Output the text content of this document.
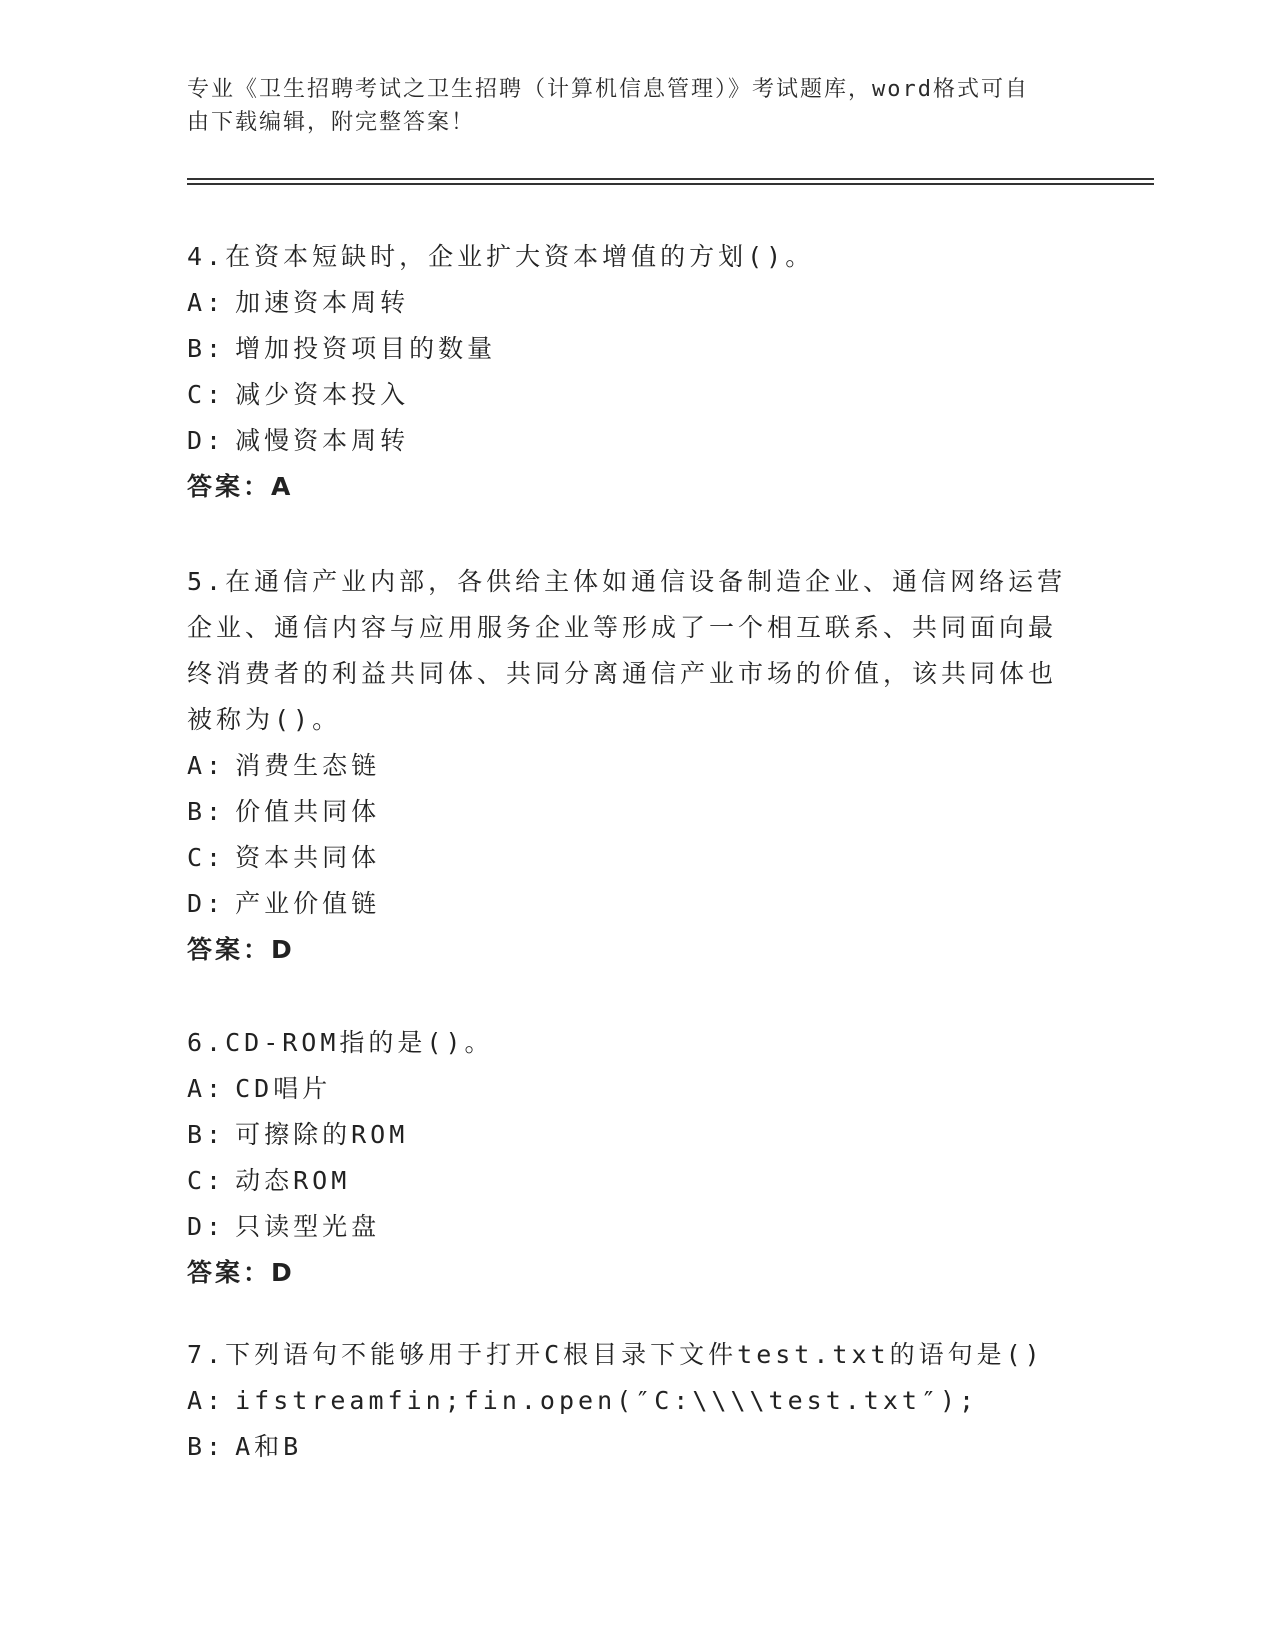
专业《卫生招聘考试之卫生招聘（计算机信息管理）》考试题库，word格式可自
由下载编辑，附完整答案！

4.在资本短缺时，企业扩大资本增值的方划()。

A: 加速资本周转

B: 增加投资项目的数量

C: 减少资本投入

D: 减慢资本周转

答案：A

5.在通信产业内部，各供给主体如通信设备制造企业、通信网络运营

企业、通信内容与应用服务企业等形成了一个相互联系、共同面向最

终消费者的利益共同体、共同分离通信产业市场的价值，该共同体也

被称为()。

A: 消费生态链

B: 价值共同体

C: 资本共同体

D: 产业价值链

答案：D

6.CD-ROM指的是()。

A: CD唱片

B: 可擦除的ROM

C: 动态ROM

D: 只读型光盘

答案：D

7.下列语句不能够用于打开C根目录下文件test.txt的语句是()

A: ifstreamfin;fin.open(″C:\\\\test.txt″);

B: A和B
